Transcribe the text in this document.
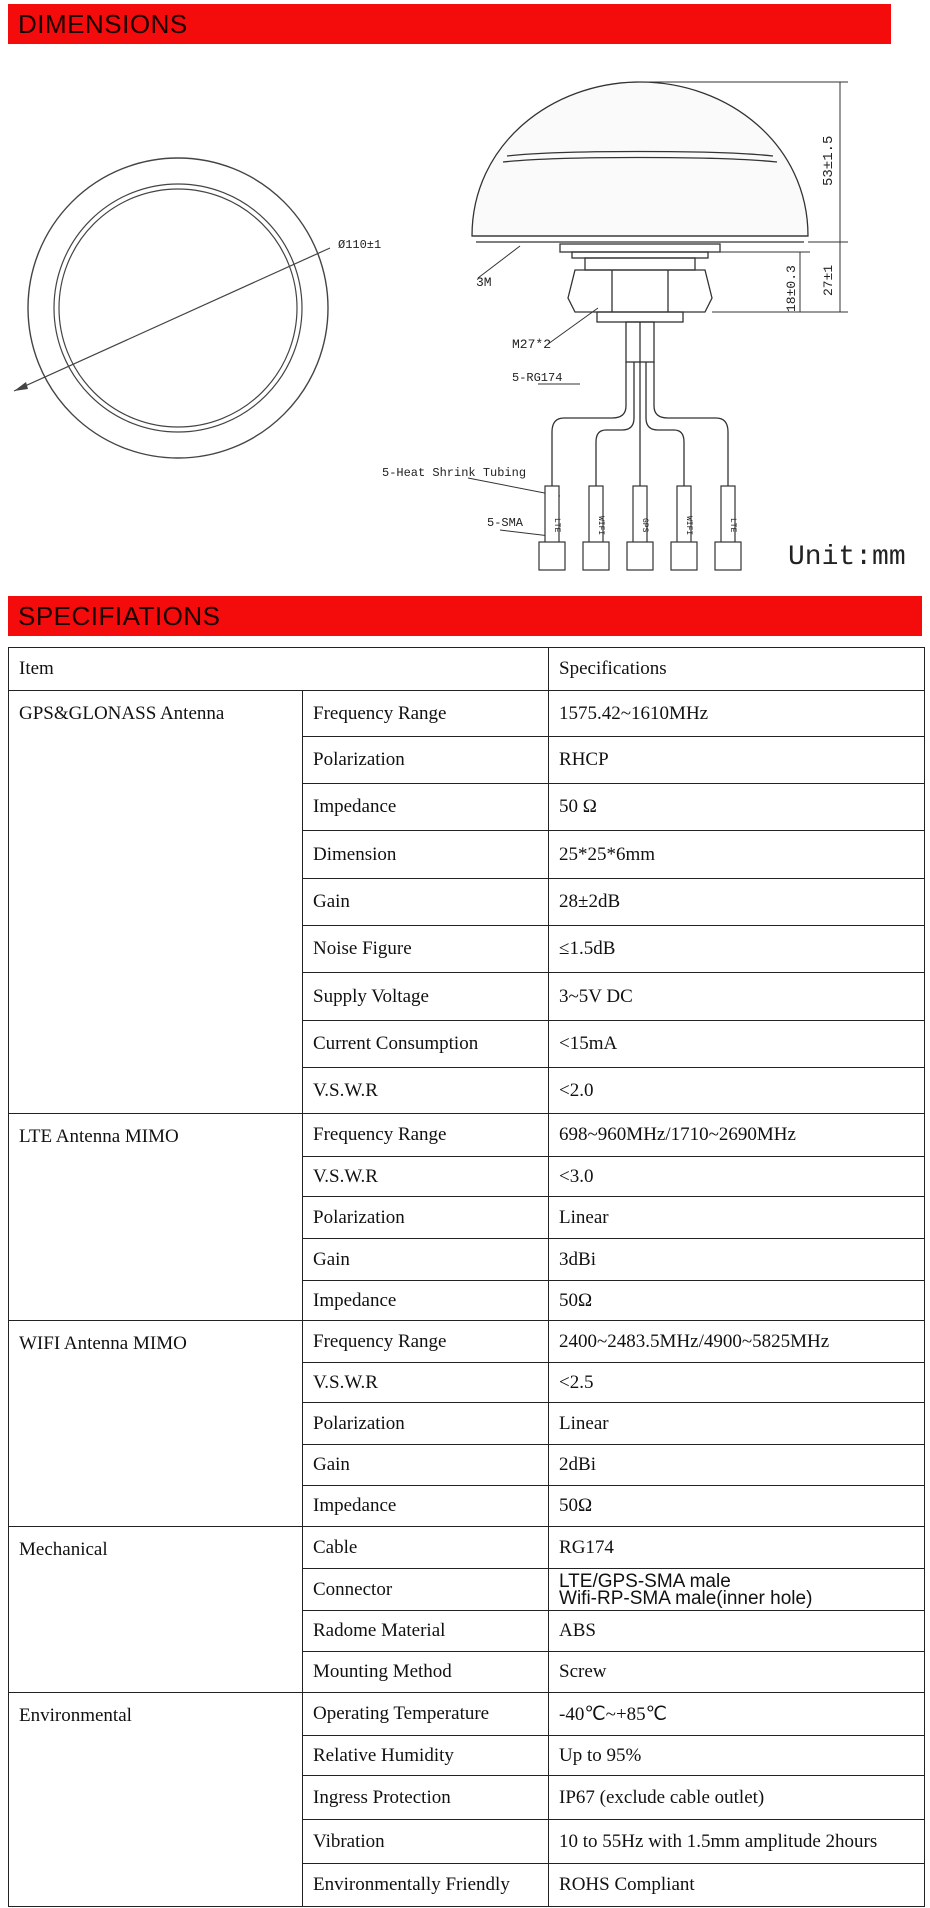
DIMENSIONS
Ø110±1
53±1.5
27±1
18±0.3
3M
M27*2
5-RG174
5-Heat Shrink Tubing
5-SMA
Unit:mm
LTE	WIFI	GPS	WIFI	LTE
SPECIFIATIONS
Item		Specifications
GPS&GLONASS Antenna	Frequency Range	1575.42~1610MHz
	Polarization	RHCP
	Impedance	50 Ω
	Dimension	25*25*6mm
	Gain	28±2dB
	Noise Figure	≤1.5dB
	Supply Voltage	3~5V DC
	Current Consumption	<15mA
	V.S.W.R	<2.0
LTE Antenna MIMO	Frequency Range	698~960MHz/1710~2690MHz
	V.S.W.R	<3.0
	Polarization	Linear
	Gain	3dBi
	Impedance	50Ω
WIFI Antenna MIMO	Frequency Range	2400~2483.5MHz/4900~5825MHz
	V.S.W.R	<2.5
	Polarization	Linear
	Gain	2dBi
	Impedance	50Ω
Mechanical	Cable	RG174
	Connector	LTE/GPS-SMA male
Wifi-RP-SMA male(inner hole)

	Radome Material	ABS
	Mounting Method	Screw
Environmental	Operating Temperature	-40℃~+85℃
	Relative Humidity	Up to 95%
	Ingress Protection	IP67 (exclude cable outlet)
	Vibration	10 to 55Hz with 1.5mm amplitude 2hours
	Environmentally Friendly	ROHS Compliant
